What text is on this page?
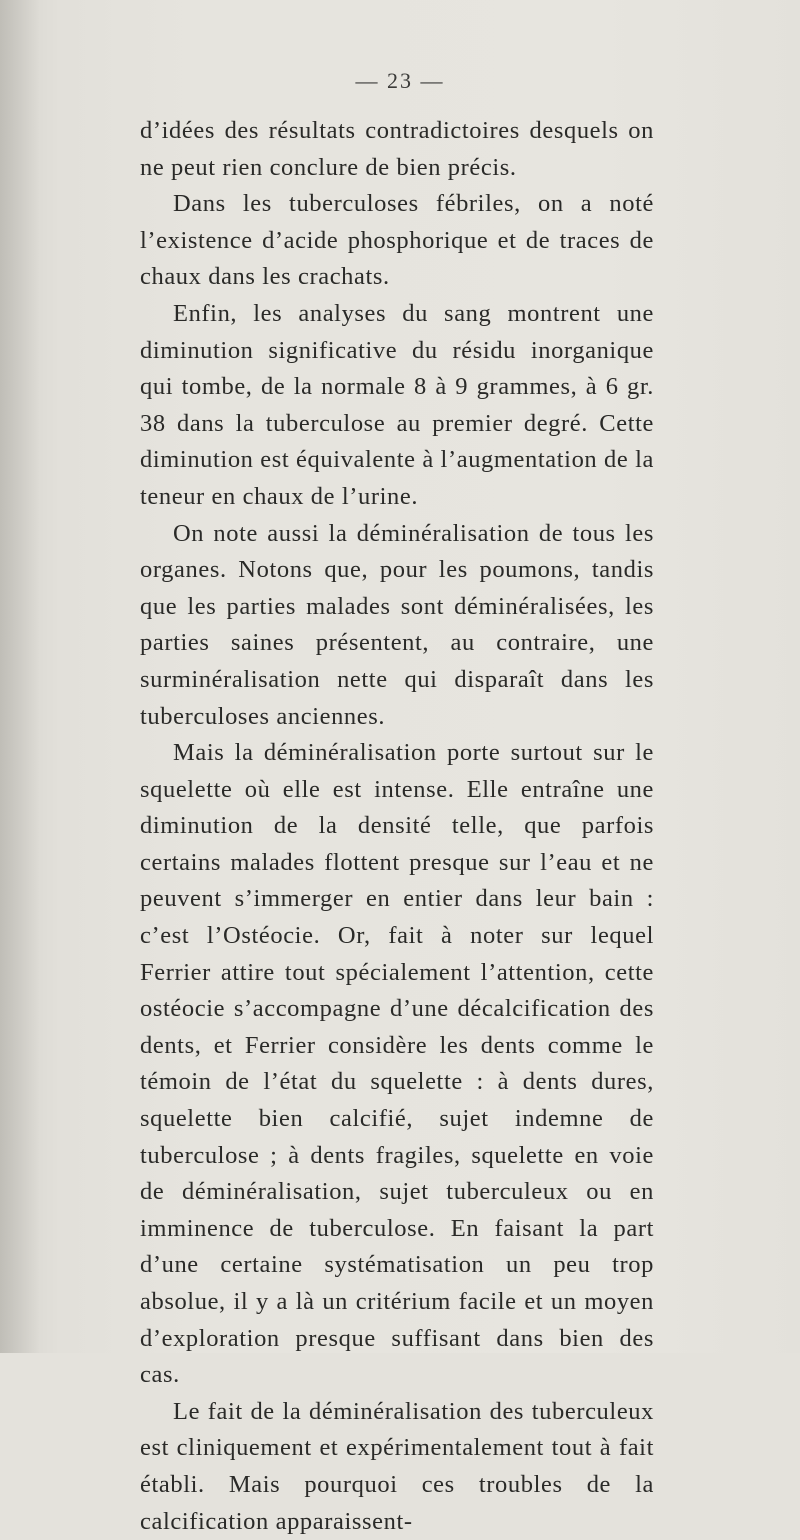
— 23 —

d’idées des résultats contradictoires desquels on ne peut rien conclure de bien précis.

Dans les tuberculoses fébriles, on a noté l’existence d’acide phosphorique et de traces de chaux dans les crachats.

Enfin, les analyses du sang montrent une diminution significative du résidu inorganique qui tombe, de la normale 8 à 9 grammes, à 6 gr. 38 dans la tuberculose au premier degré. Cette diminution est équivalente à l’augmentation de la teneur en chaux de l’urine.

On note aussi la déminéralisation de tous les organes. Notons que, pour les poumons, tandis que les parties malades sont déminéralisées, les parties saines présentent, au contraire, une surminéralisation nette qui disparaît dans les tuberculoses anciennes.

Mais la déminéralisation porte surtout sur le squelette où elle est intense. Elle entraîne une diminution de la densité telle, que parfois certains malades flottent presque sur l’eau et ne peuvent s’immerger en entier dans leur bain : c’est l’Ostéocie. Or, fait à noter sur lequel Ferrier attire tout spécialement l’attention, cette ostéocie s’accompagne d’une décalcification des dents, et Ferrier considère les dents comme le témoin de l’état du squelette : à dents dures, squelette bien calcifié, sujet indemne de tuberculose ; à dents fragiles, squelette en voie de déminéralisation, sujet tuberculeux ou en imminence de tuberculose. En faisant la part d’une certaine systématisation un peu trop absolue, il y a là un critérium facile et un moyen d’exploration presque suffisant dans bien des cas.

Le fait de la déminéralisation des tuberculeux est cliniquement et expérimentalement tout à fait établi. Mais pourquoi ces troubles de la calcification apparaissent-
